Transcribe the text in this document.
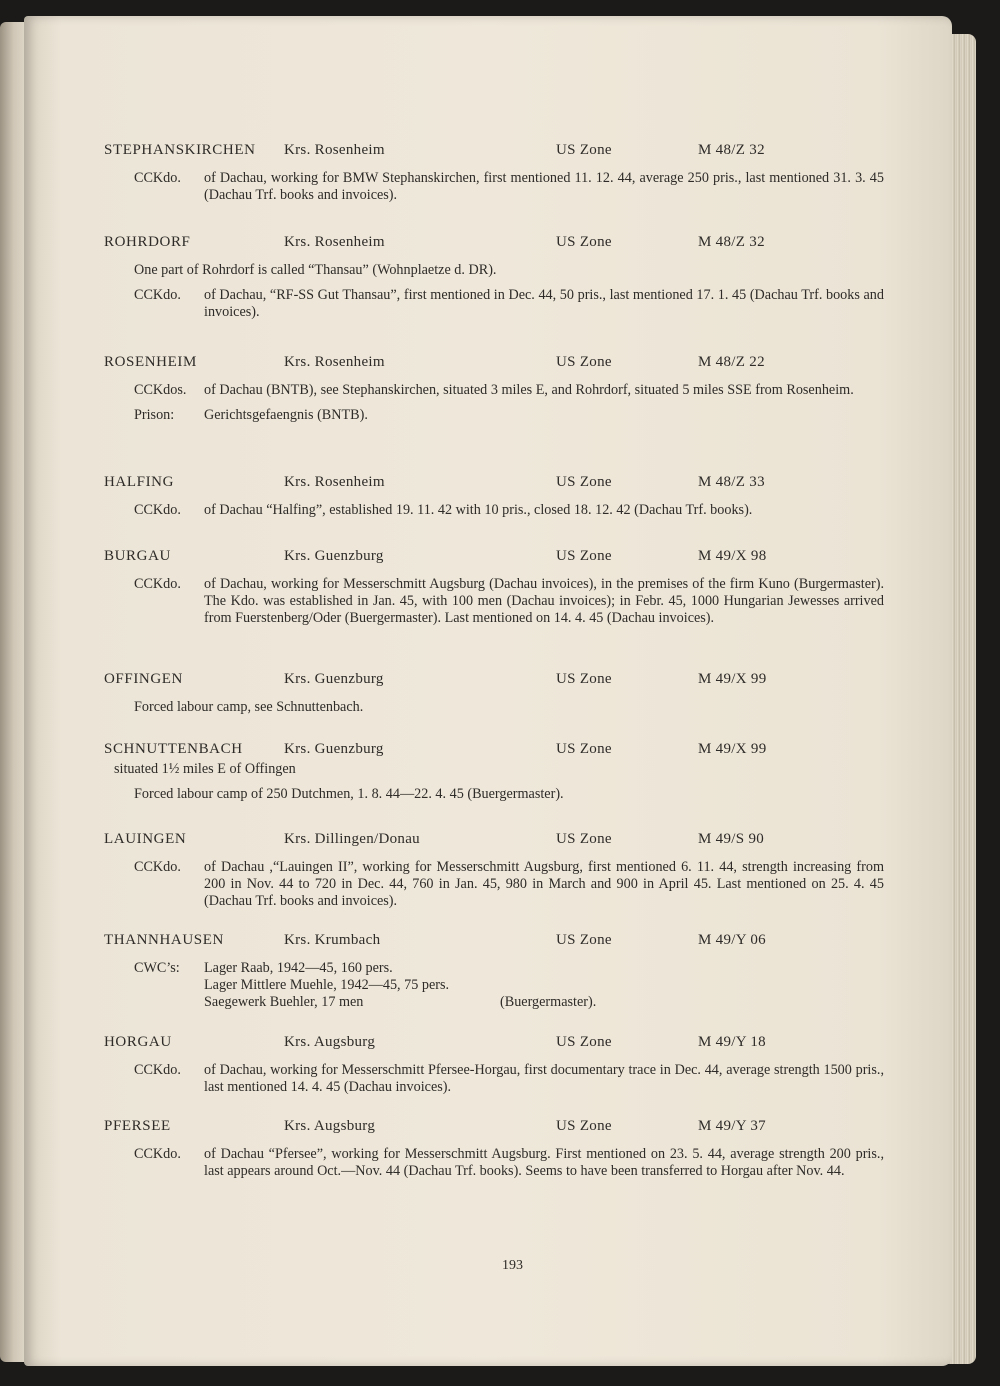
STEPHANSKIRCHEN Krs. Rosenheim	US Zone	M 48/Z 32
CCKdo.	of Dachau, working for BMW Stephanskirchen, first mentioned 11. 12. 44, average 250 pris., last mentioned 31. 3. 45 (Dachau Trf. books and invoices).
ROHRDORF	Krs. Rosenheim	US Zone	M 48/Z 32
One part of Rohrdorf is called “Thansau” (Wohnplaetze d. DR).
CCKdo.	of Dachau, “RF-SS Gut Thansau”, first mentioned in Dec. 44, 50 pris., last mentioned 17. 1. 45 (Dachau Trf. books and invoices).
ROSENHEIM	Krs. Rosenheim	US Zone	M 48/Z 22
CCKdos.	of Dachau (BNTB), see Stephanskirchen, situated 3 miles E, and Rohrdorf, situated 5 miles SSE from Rosenheim.
Prison:	Gerichtsgefaengnis (BNTB).
HALFING	Krs. Rosenheim	US Zone	M 48/Z 33
CCKdo.	of Dachau “Halfing”, established 19. 11. 42 with 10 pris., closed 18. 12. 42 (Dachau Trf. books).
BURGAU	Krs. Guenzburg	US Zone	M 49/X 98
CCKdo.	of Dachau, working for Messerschmitt Augsburg (Dachau invoices), in the premises of the firm Kuno (Burgermaster). The Kdo. was established in Jan. 45, with 100 men (Dachau invoices); in Febr. 45, 1000 Hungarian Jewesses arrived from Fuerstenberg/Oder (Buergermaster). Last mentioned on 14. 4. 45 (Dachau invoices).
OFFINGEN	Krs. Guenzburg	US Zone	M 49/X 99
Forced labour camp, see Schnuttenbach.
SCHNUTTENBACH	Krs. Guenzburg	US Zone	M 49/X 99
situated 1½ miles E of Offingen
Forced labour camp of 250 Dutchmen, 1. 8. 44—22. 4. 45 (Buergermaster).
LAUINGEN	Krs. Dillingen/Donau	US Zone	M 49/S 90
CCKdo.	of Dachau ,“Lauingen II”, working for Messerschmitt Augsburg, first mentioned 6. 11. 44, strength increasing from 200 in Nov. 44 to 720 in Dec. 44, 760 in Jan. 45, 980 in March and 900 in April 45. Last mentioned on 25. 4. 45 (Dachau Trf. books and invoices).
THANNHAUSEN	Krs. Krumbach	US Zone	M 49/Y 06
CWC’s:	Lager Raab, 1942—45, 160 pers.
Lager Mittlere Muehle, 1942—45, 75 pers.
Saegewerk Buehler, 17 men	(Buergermaster).
HORGAU	Krs. Augsburg	US Zone	M 49/Y 18
CCKdo.	of Dachau, working for Messerschmitt Pfersee-Horgau, first documentary trace in Dec. 44, average strength 1500 pris., last mentioned 14. 4. 45 (Dachau invoices).
PFERSEE	Krs. Augsburg	US Zone	M 49/Y 37
CCKdo.	of Dachau “Pfersee”, working for Messerschmitt Augsburg. First mentioned on 23. 5. 44, average strength 200 pris., last appears around Oct.—Nov. 44 (Dachau Trf. books). Seems to have been transferred to Horgau after Nov. 44.
193
